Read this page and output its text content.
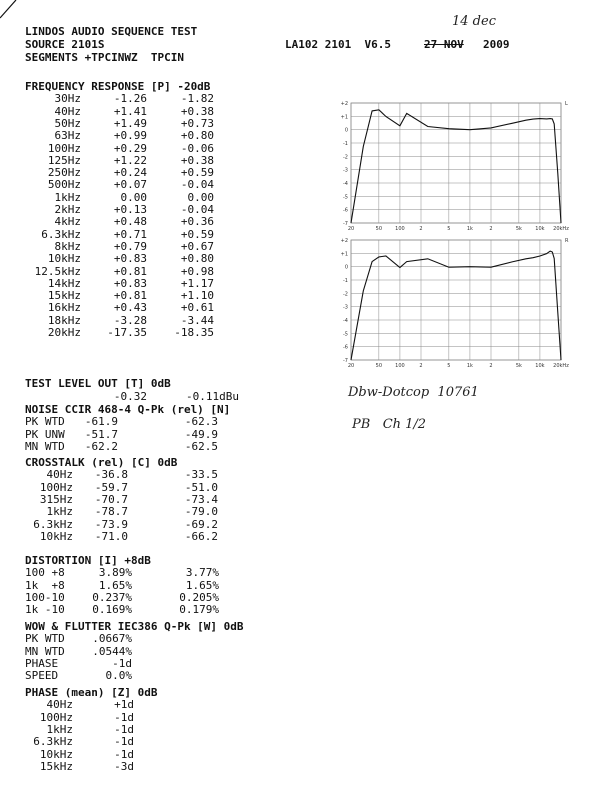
LINDOS AUDIO SEQUENCE TEST
SOURCE 2101S
SEGMENTS +TPCINWZ  TPCIN
LA102 2101  V6.5	27 NOV 2009
14 dec
FREQUENCY RESPONSE [P] -20dB
30Hz	-1.26	-1.82
40Hz	+1.41	+0.38
50Hz	+1.49	+0.73
63Hz	+0.99	+0.80
100Hz	+0.29	-0.06
125Hz	+1.22	+0.38
250Hz	+0.24	+0.59
500Hz	+0.07	-0.04
1kHz	0.00	0.00
2kHz	+0.13	-0.04
4kHz	+0.48	+0.36
6.3kHz	+0.71	+0.59
8kHz	+0.79	+0.67
10kHz	+0.83	+0.80
12.5kHz	+0.81	+0.98
14kHz	+0.83	+1.17
15kHz	+0.81	+1.10
16kHz	+0.43	+0.61
18kHz	-3.28	-3.44
20kHz	-17.35	-18.35
TEST LEVEL OUT [T] 0dB
-0.32	-0.11dBu
NOISE CCIR 468-4 Q-Pk (rel) [N]
PK WTD	-61.9	-62.3
PK UNW	-51.7	-49.9
MN WTD	-62.2	-62.5
CROSSTALK (rel) [C] 0dB
40Hz	-36.8	-33.5
100Hz	-59.7	-51.0
315Hz	-70.7	-73.4
1kHz	-78.7	-79.0
6.3kHz	-73.9	-69.2
10kHz	-71.0	-66.2
DISTORTION [I] +8dB
100 +8	3.89%	3.77%
1k  +8	1.65%	1.65%
100-10	0.237%	0.205%
1k -10	0.169%	0.179%
WOW & FLUTTER IEC386 Q-Pk [W] 0dB
PK WTD	.0667%
MN WTD	.0544%
PHASE	-1d
SPEED	0.0%
PHASE (mean) [Z] 0dB
40Hz	+1d
100Hz	-1d
1kHz	-1d
6.3kHz	-1d
10kHz	-1d
15kHz	-3d
Dbw-Dotcop  10761
PB   Ch 1/2
20	50	100	2	5	1k	2	5k	10k 20kHz
+2
+1
0
-1
-2
-3
-4
-5
-6
-7
L
20	50	100	2	5	1k	2	5k	10k 20kHz
+2
+1
0
-1
-2
-3
-4
-5
-6
-7
R
